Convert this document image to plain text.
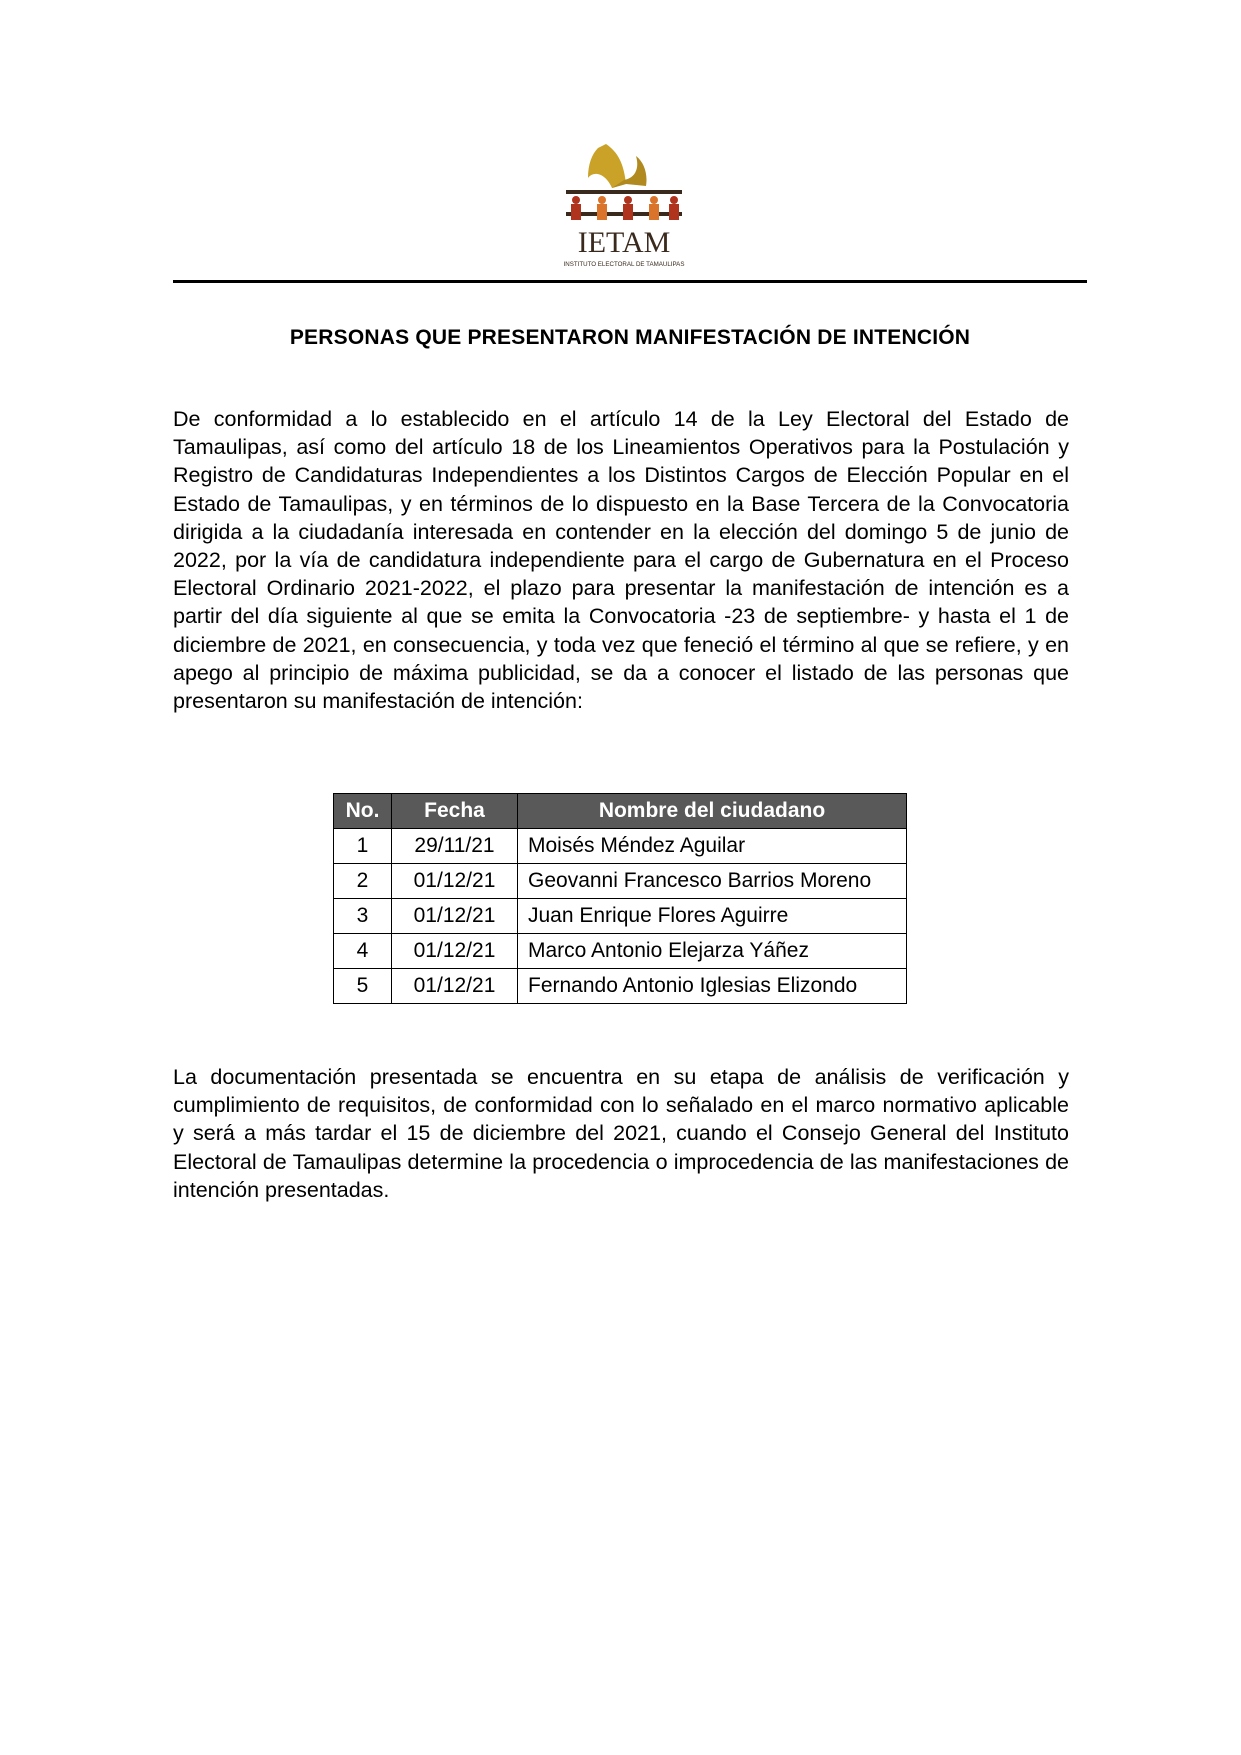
IETAM
INSTITUTO ELECTORAL DE TAMAULIPAS
PERSONAS QUE PRESENTARON MANIFESTACIÓN DE INTENCIÓN

De conformidad a lo establecido en el artículo 14 de la Ley Electoral del Estado de Tamaulipas, así como del artículo 18 de los Lineamientos Operativos para la Postulación y Registro de Candidaturas Independientes a los Distintos Cargos de Elección Popular en el Estado de Tamaulipas, y en términos de lo dispuesto en la Base Tercera de la Convocatoria dirigida a la ciudadanía interesada en contender en la elección del domingo 5 de junio de 2022, por la vía de candidatura independiente para el cargo de Gubernatura en el Proceso Electoral Ordinario 2021-2022, el plazo para presentar la manifestación de intención es a partir del día siguiente al que se emita la Convocatoria -23 de septiembre- y hasta el 1 de diciembre de 2021, en consecuencia, y toda vez que feneció el término al que se refiere, y en apego al principio de máxima publicidad, se da a conocer el listado de las personas que presentaron su manifestación de intención:

No.	Fecha	Nombre del ciudadano
1	29/11/21	Moisés Méndez Aguilar
2	01/12/21	Geovanni Francesco Barrios Moreno
3	01/12/21	Juan Enrique Flores Aguirre
4	01/12/21	Marco Antonio Elejarza Yáñez
5	01/12/21	Fernando Antonio Iglesias Elizondo

La documentación presentada se encuentra en su etapa de análisis de verificación y cumplimiento de requisitos, de conformidad con lo señalado en el marco normativo aplicable y será a más tardar el 15 de diciembre del 2021, cuando el Consejo General del Instituto Electoral de Tamaulipas determine la procedencia o improcedencia de las manifestaciones de intención presentadas.
